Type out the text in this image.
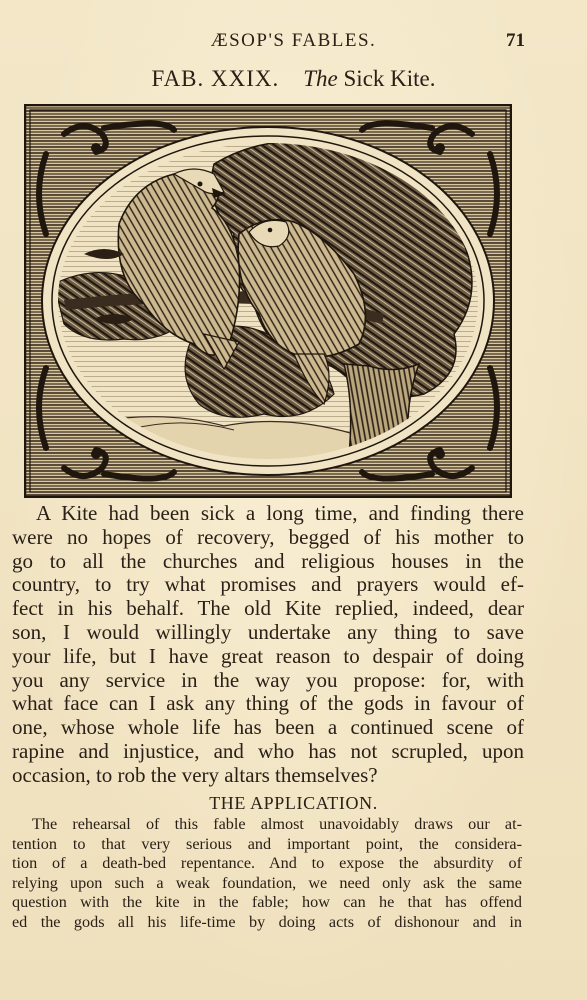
ÆSOP'S FABLES.	71
FAB. XXIX. The Sick Kite.
A Kite had been sick a long time, and finding there
were no hopes of recovery, begged of his mother to
go to all the churches and religious houses in the
country, to try what promises and prayers would ef-
fect in his behalf. The old Kite replied, indeed, dear
son, I would willingly undertake any thing to save
your life, but I have great reason to despair of doing
you any service in the way you propose: for, with
what face can I ask any thing of the gods in favour of
one, whose whole life has been a continued scene of
rapine and injustice, and who has not scrupled, upon
occasion, to rob the very altars themselves?
THE APPLICATION.
The rehearsal of this fable almost unavoidably draws our at-
tention to that very serious and important point, the considera-
tion of a death-bed repentance. And to expose the absurdity of
relying upon such a weak foundation, we need only ask the same
question with the kite in the fable; how can he that has offend
ed the gods all his life-time by doing acts of dishonour and in
